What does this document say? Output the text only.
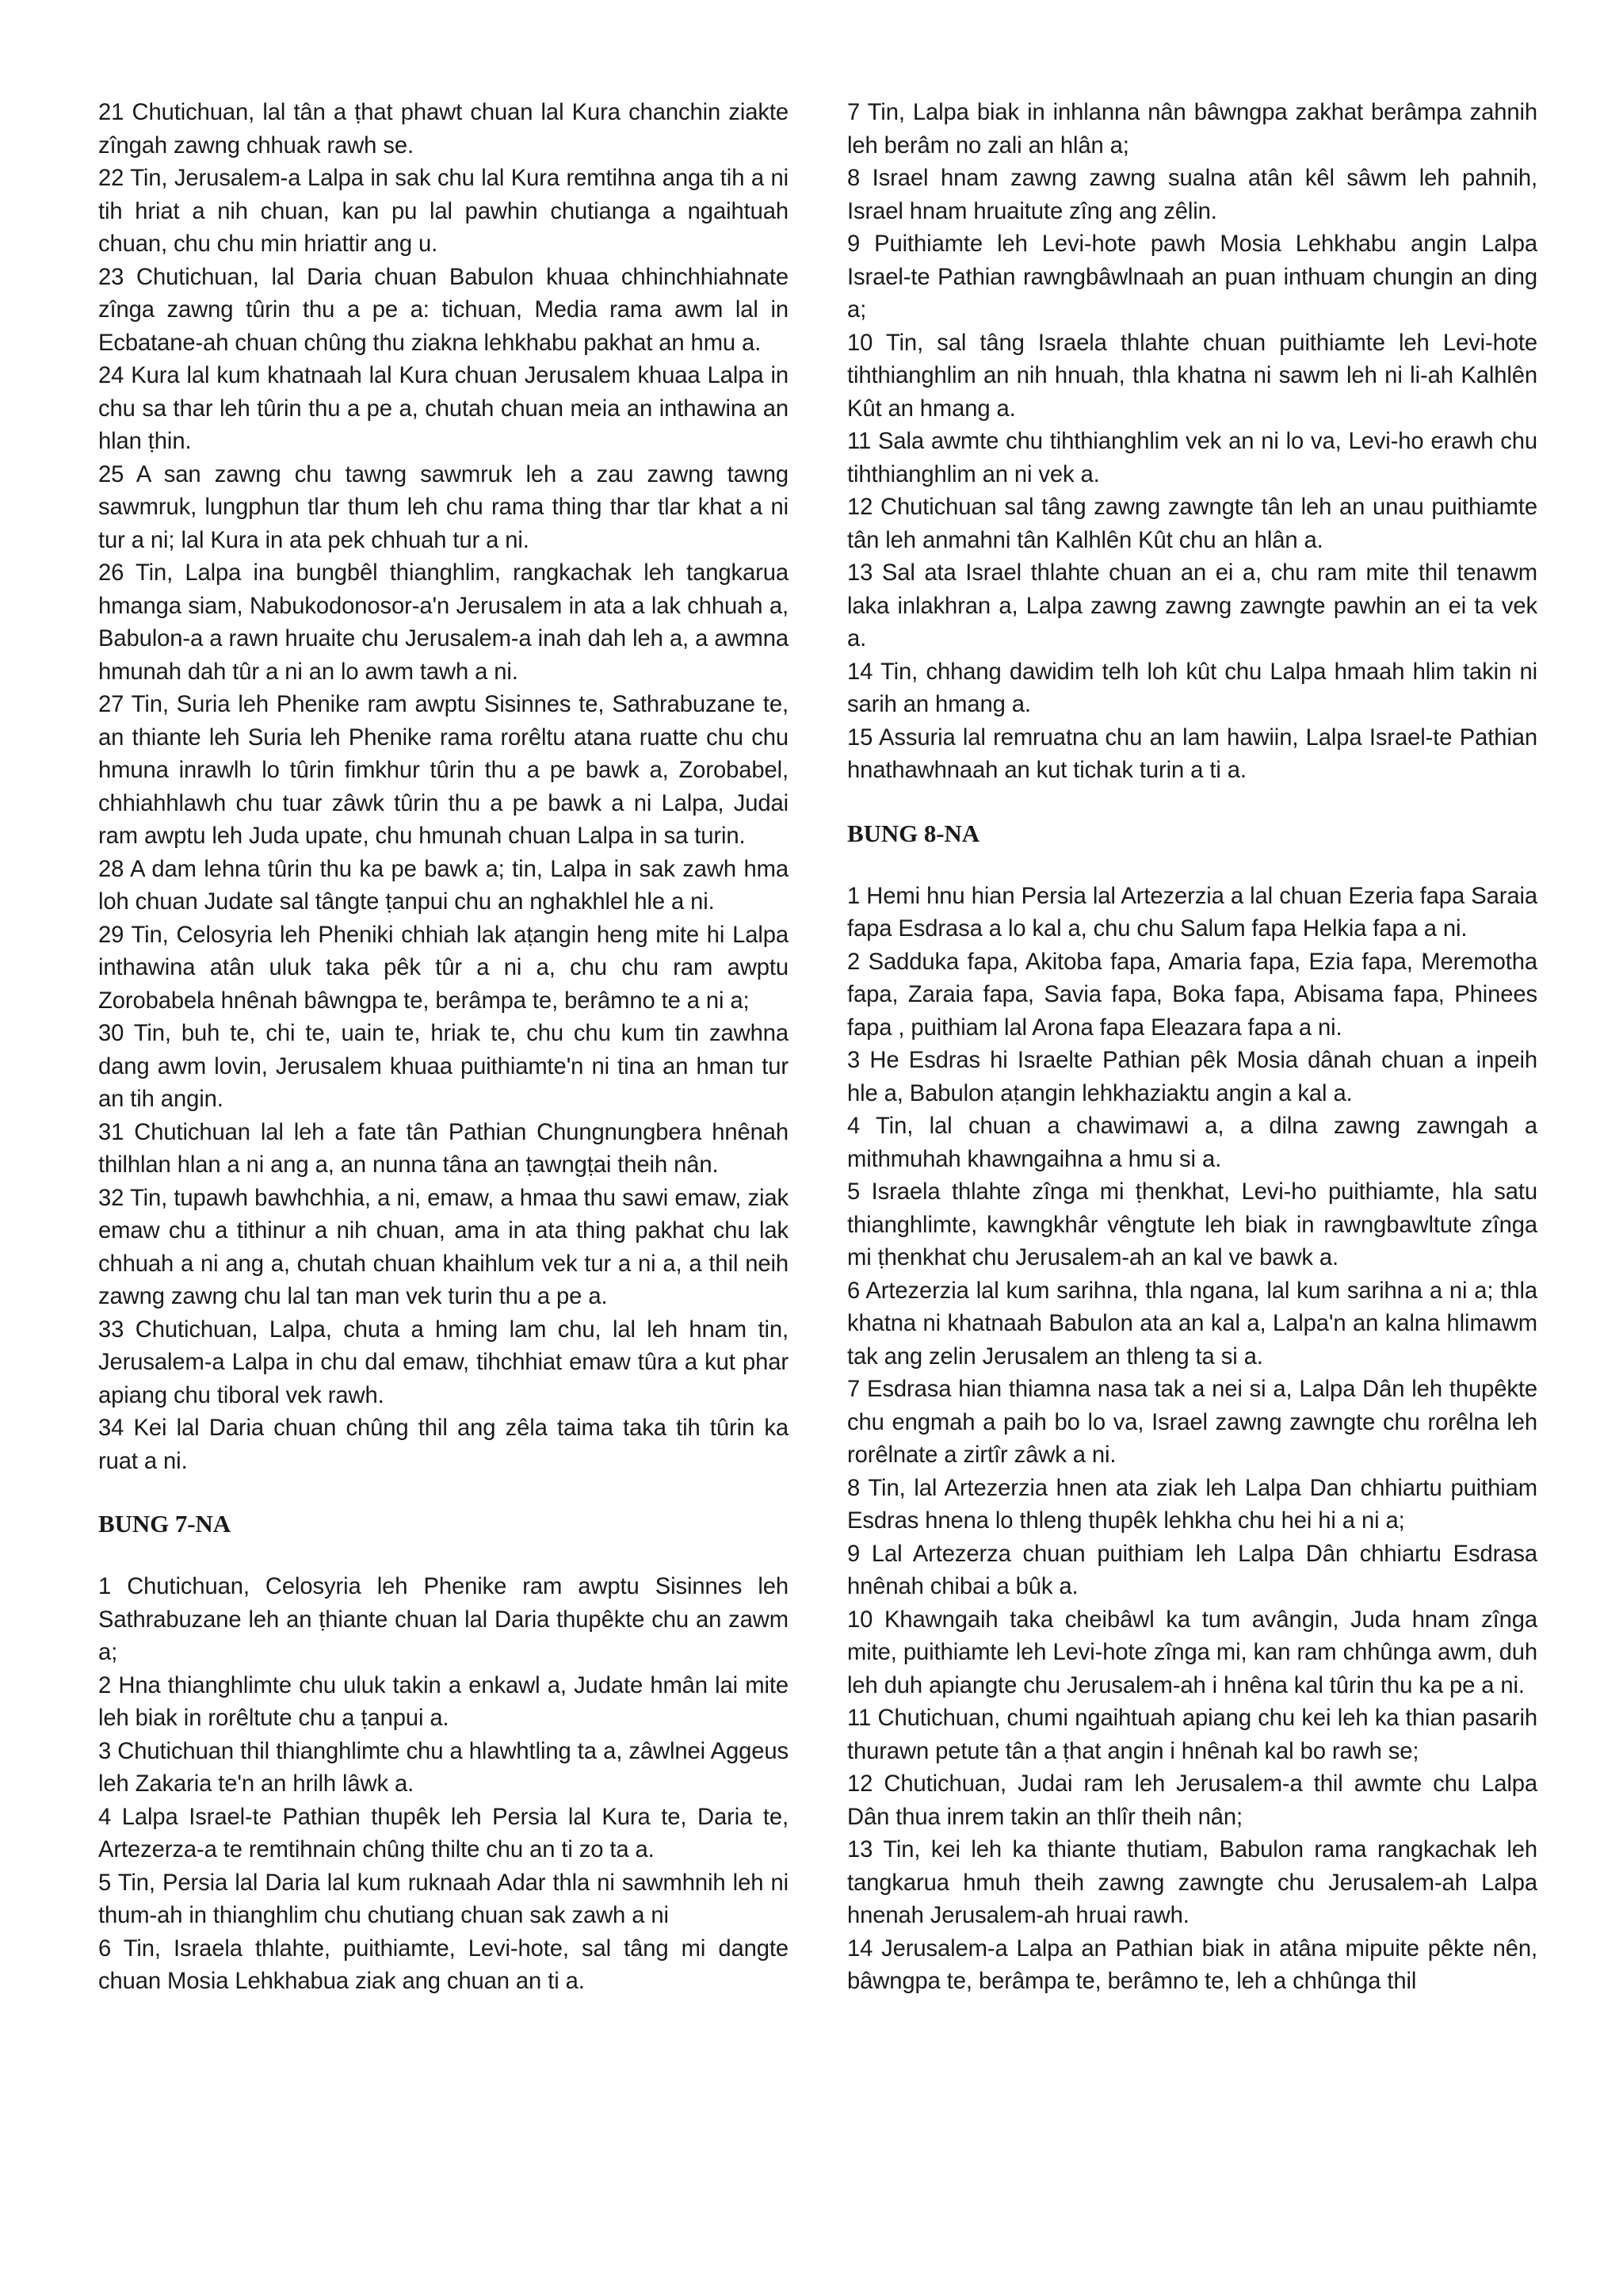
21 Chutichuan, lal tân a ṭhat phawt chuan lal Kura chanchin ziakte zîngah zawng chhuak rawh se.

22 Tin, Jerusalem-a Lalpa in sak chu lal Kura remtihna anga tih a ni tih hriat a nih chuan, kan pu lal pawhin chutianga a ngaihtuah chuan, chu chu min hriattir ang u.

23 Chutichuan, lal Daria chuan Babulon khuaa chhinchhiahnate zînga zawng tûrin thu a pe a: tichuan, Media rama awm lal in Ecbatane-ah chuan chûng thu ziakna lehkhabu pakhat an hmu a.

24 Kura lal kum khatnaah lal Kura chuan Jerusalem khuaa Lalpa in chu sa thar leh tûrin thu a pe a, chutah chuan meia an inthawina an hlan ṭhin.

25 A san zawng chu tawng sawmruk leh a zau zawng tawng sawmruk, lungphun tlar thum leh chu rama thing thar tlar khat a ni tur a ni; lal Kura in ata pek chhuah tur a ni.

26 Tin, Lalpa ina bungbêl thianghlim, rangkachak leh tangkarua hmanga siam, Nabukodonosor-a'n Jerusalem in ata a lak chhuah a, Babulon-a a rawn hruaite chu Jerusalem-a inah dah leh a, a awmna hmunah dah tûr a ni an lo awm tawh a ni.

27 Tin, Suria leh Phenike ram awptu Sisinnes te, Sathrabuzane te, an thiante leh Suria leh Phenike rama rorêltu atana ruatte chu chu hmuna inrawlh lo tûrin fimkhur tûrin thu a pe bawk a, Zorobabel, chhiahhlawh chu tuar zâwk tûrin thu a pe bawk a ni Lalpa, Judai ram awptu leh Juda upate, chu hmunah chuan Lalpa in sa turin.

28 A dam lehna tûrin thu ka pe bawk a; tin, Lalpa in sak zawh hma loh chuan Judate sal tângte ṭanpui chu an nghakhlel hle a ni.

29 Tin, Celosyria leh Pheniki chhiah lak aṭangin heng mite hi Lalpa inthawina atân uluk taka pêk tûr a ni a, chu chu ram awptu Zorobabela hnênah bâwngpa te, berâmpa te, berâmno te a ni a;

30 Tin, buh te, chi te, uain te, hriak te, chu chu kum tin zawhna dang awm lovin, Jerusalem khuaa puithiamte'n ni tina an hman tur an tih angin.

31 Chutichuan lal leh a fate tân Pathian Chungnungbera hnênah thilhlan hlan a ni ang a, an nunna tâna an ṭawngṭai theih nân.

32 Tin, tupawh bawhchhia, a ni, emaw, a hmaa thu sawi emaw, ziak emaw chu a tithinur a nih chuan, ama in ata thing pakhat chu lak chhuah a ni ang a, chutah chuan khaihlum vek tur a ni a, a thil neih zawng zawng chu lal tan man vek turin thu a pe a.

33 Chutichuan, Lalpa, chuta a hming lam chu, lal leh hnam tin, Jerusalem-a Lalpa in chu dal emaw, tihchhiat emaw tûra a kut phar apiang chu tiboral vek rawh.

34 Kei lal Daria chuan chûng thil ang zêla taima taka tih tûrin ka ruat a ni.

BUNG 7-NA

1 Chutichuan, Celosyria leh Phenike ram awptu Sisinnes leh Sathrabuzane leh an ṭhiante chuan lal Daria thupêkte chu an zawm a;

2 Hna thianghlimte chu uluk takin a enkawl a, Judate hmân lai mite leh biak in rorêltute chu a ṭanpui a.

3 Chutichuan thil thianghlimte chu a hlawhtling ta a, zâwlnei Aggeus leh Zakaria te'n an hrilh lâwk a.

4 Lalpa Israel-te Pathian thupêk leh Persia lal Kura te, Daria te, Artezerza-a te remtihnain chûng thilte chu an ti zo ta a.

5 Tin, Persia lal Daria lal kum ruknaah Adar thla ni sawmhnih leh ni thum-ah in thianghlim chu chutiang chuan sak zawh a ni

6 Tin, Israela thlahte, puithiamte, Levi-hote, sal tâng mi dangte chuan Mosia Lehkhabua ziak ang chuan an ti a.

7 Tin, Lalpa biak in inhlanna nân bâwngpa zakhat berâmpa zahnih leh berâm no zali an hlân a;

8 Israel hnam zawng zawng sualna atân kêl sâwm leh pahnih, Israel hnam hruaitute zîng ang zêlin.

9 Puithiamte leh Levi-hote pawh Mosia Lehkhabu angin Lalpa Israel-te Pathian rawngbâwlnaah an puan inthuam chungin an ding a;

10 Tin, sal tâng Israela thlahte chuan puithiamte leh Levi-hote tihthianghlim an nih hnuah, thla khatna ni sawm leh ni li-ah Kalhlên Kût an hmang a.

11 Sala awmte chu tihthianghlim vek an ni lo va, Levi-ho erawh chu tihthianghlim an ni vek a.

12 Chutichuan sal tâng zawng zawngte tân leh an unau puithiamte tân leh anmahni tân Kalhlên Kût chu an hlân a.

13 Sal ata Israel thlahte chuan an ei a, chu ram mite thil tenawm laka inlakhran a, Lalpa zawng zawng zawngte pawhin an ei ta vek a.

14 Tin, chhang dawidim telh loh kût chu Lalpa hmaah hlim takin ni sarih an hmang a.

15 Assuria lal remruatna chu an lam hawiin, Lalpa Israel-te Pathian hnathawhnaah an kut tichak turin a ti a.

BUNG 8-NA

1 Hemi hnu hian Persia lal Artezerzia a lal chuan Ezeria fapa Saraia fapa Esdrasa a lo kal a, chu chu Salum fapa Helkia fapa a ni.

2 Sadduka fapa, Akitoba fapa, Amaria fapa, Ezia fapa, Meremotha fapa, Zaraia fapa, Savia fapa, Boka fapa, Abisama fapa, Phinees fapa , puithiam lal Arona fapa Eleazara fapa a ni.

3 He Esdras hi Israelte Pathian pêk Mosia dânah chuan a inpeih hle a, Babulon aṭangin lehkhaziaktu angin a kal a.

4 Tin, lal chuan a chawimawi a, a dilna zawng zawngah a mithmuhah khawngaihna a hmu si a.

5 Israela thlahte zînga mi ṭhenkhat, Levi-ho puithiamte, hla satu thianghlimte, kawngkhâr vêngtute leh biak in rawngbawltute zînga mi ṭhenkhat chu Jerusalem-ah an kal ve bawk a.

6 Artezerzia lal kum sarihna, thla ngana, lal kum sarihna a ni a; thla khatna ni khatnaah Babulon ata an kal a, Lalpa'n an kalna hlimawm tak ang zelin Jerusalem an thleng ta si a.

7 Esdrasa hian thiamna nasa tak a nei si a, Lalpa Dân leh thupêkte chu engmah a paih bo lo va, Israel zawng zawngte chu rorêlna leh rorêlnate a zirtîr zâwk a ni.

8 Tin, lal Artezerzia hnen ata ziak leh Lalpa Dan chhiartu puithiam Esdras hnena lo thleng thupêk lehkha chu hei hi a ni a;

9 Lal Artezerza chuan puithiam leh Lalpa Dân chhiartu Esdrasa hnênah chibai a bûk a.

10 Khawngaih taka cheibâwl ka tum avângin, Juda hnam zînga mite, puithiamte leh Levi-hote zînga mi, kan ram chhûnga awm, duh leh duh apiangte chu Jerusalem-ah i hnêna kal tûrin thu ka pe a ni.

11 Chutichuan, chumi ngaihtuah apiang chu kei leh ka thian pasarih thurawn petute tân a ṭhat angin i hnênah kal bo rawh se;

12 Chutichuan, Judai ram leh Jerusalem-a thil awmte chu Lalpa Dân thua inrem takin an thlîr theih nân;

13 Tin, kei leh ka thiante thutiam, Babulon rama rangkachak leh tangkarua hmuh theih zawng zawngte chu Jerusalem-ah Lalpa hnenah Jerusalem-ah hruai rawh.

14 Jerusalem-a Lalpa an Pathian biak in atâna mipuite pêkte nên, bâwngpa te, berâmpa te, berâmno te, leh a chhûnga thil
